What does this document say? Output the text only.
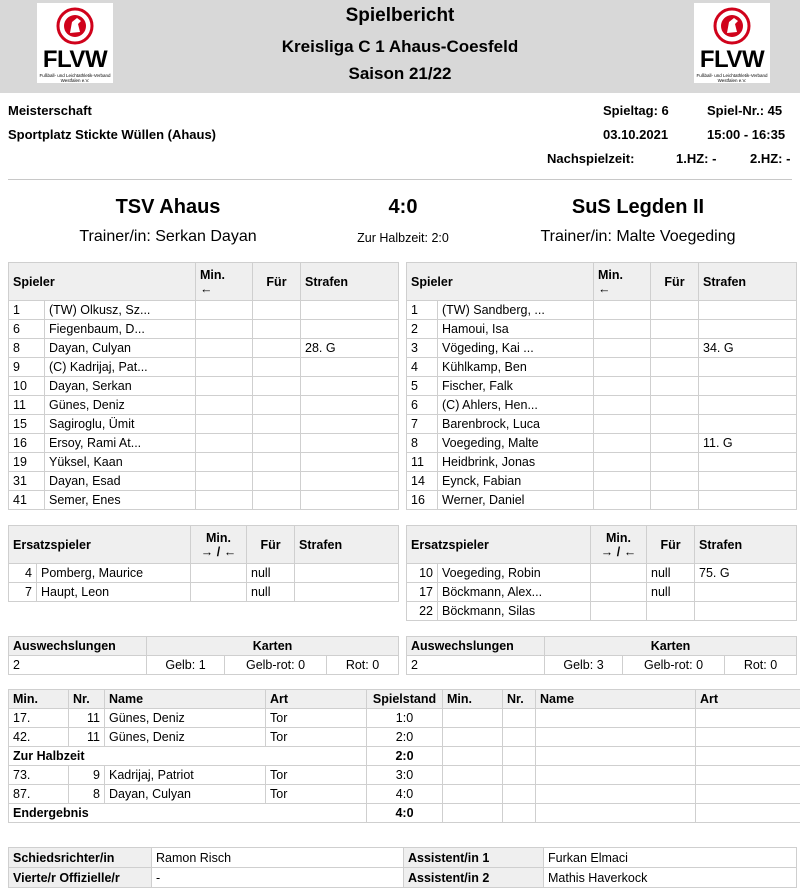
FLVW
Fußball- und Leichtathletik-Verband Westfalen e.V.
FLVW
Fußball- und Leichtathletik-Verband Westfalen e.V.
Spielbericht
Kreisliga C 1 Ahaus-Coesfeld
Saison 21/22
Meisterschaft
Sportplatz Stickte Wüllen (Ahaus)
Spieltag: 6	Spiel-Nr.: 45
03.10.2021	15:00 - 16:35
Nachspielzeit:	1.HZ: -	2.HZ: -
TSV Ahaus	4:0	SuS Legden II
Trainer/in: Serkan Dayan	Zur Halbzeit: 2:0	Trainer/in: Malte Voegeding
Spieler		Min.
←	Für	Strafen
1	(TW) Olkusz, Sz...			
6	Fiegenbaum, D...			
8	Dayan, Culyan			28. G
9	(C) Kadrijaj, Pat...			
10	Dayan, Serkan			
11	Günes, Deniz			
15	Sagiroglu, Ümit			
16	Ersoy, Rami At...			
19	Yüksel, Kaan			
31	Dayan, Esad			
41	Semer, Enes			
Spieler		Min.
←	Für	Strafen
1	(TW) Sandberg, ...			
2	Hamoui, Isa			
3	Vögeding, Kai ...			34. G
4	Kühlkamp, Ben			
5	Fischer, Falk			
6	(C) Ahlers, Hen...			
7	Barenbrock, Luca			
8	Voegeding, Malte			11. G
11	Heidbrink, Jonas			
14	Eynck, Fabian			
16	Werner, Daniel			
Ersatzspieler		Min.
→ / ←	Für	Strafen
4	Pomberg, Maurice		null	
7	Haupt, Leon		null	
Ersatzspieler		Min.
→ / ←	Für	Strafen
10	Voegeding, Robin		null	75. G
17	Böckmann, Alex...		null	
22	Böckmann, Silas			
Auswechslungen	Karten		
2	Gelb: 1	Gelb-rot: 0	Rot: 0
Auswechslungen	Karten		
2	Gelb: 3	Gelb-rot: 0	Rot: 0
Min.	Nr.	Name	Art	Spielstand	Min.	Nr.	Name	Art
17.	11	Günes, Deniz	Tor	1:0				
42.	11	Günes, Deniz	Tor	2:0				
Zur Halbzeit				2:0				
73.	9	Kadrijaj, Patriot	Tor	3:0				
87.	8	Dayan, Culyan	Tor	4:0				
Endergebnis				4:0				
Schiedsrichter/in	Ramon Risch	Assistent/in 1	Furkan Elmaci
Vierte/r Offizielle/r	-	Assistent/in 2	Mathis Haverkock
